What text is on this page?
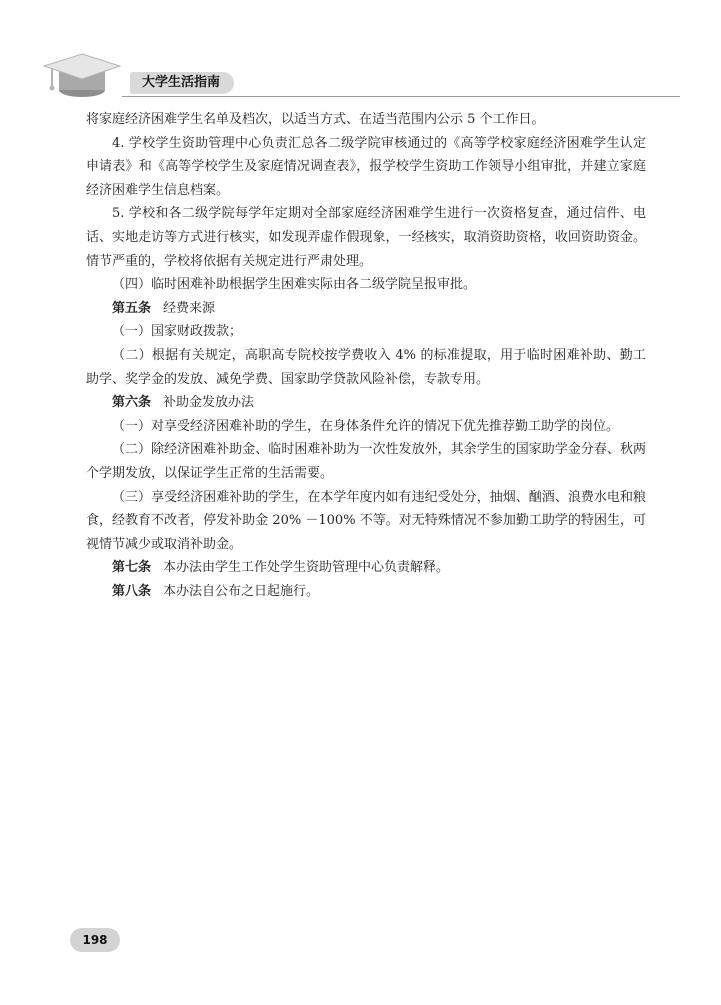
大学生活指南

将家庭经济困难学生名单及档次，以适当方式、在适当范围内公示 5 个工作日。

4. 学校学生资助管理中心负责汇总各二级学院审核通过的《高等学校家庭经济困难学生认定申请表》和《高等学校学生及家庭情况调查表》，报学校学生资助工作领导小组审批，并建立家庭经济困难学生信息档案。

5. 学校和各二级学院每学年定期对全部家庭经济困难学生进行一次资格复查，通过信件、电话、实地走访等方式进行核实，如发现弄虚作假现象，一经核实，取消资助资格，收回资助资金。情节严重的，学校将依据有关规定进行严肃处理。

（四）临时困难补助根据学生困难实际由各二级学院呈报审批。

第五条 经费来源

（一）国家财政拨款；

（二）根据有关规定，高职高专院校按学费收入 4% 的标准提取，用于临时困难补助、勤工助学、奖学金的发放、减免学费、国家助学贷款风险补偿，专款专用。

第六条 补助金发放办法

（一）对享受经济困难补助的学生，在身体条件允许的情况下优先推荐勤工助学的岗位。

（二）除经济困难补助金、临时困难补助为一次性发放外，其余学生的国家助学金分春、秋两个学期发放，以保证学生正常的生活需要。

（三）享受经济困难补助的学生，在本学年度内如有违纪受处分，抽烟、酗酒、浪费水电和粮食，经教育不改者，停发补助金 20% －100% 不等。对无特殊情况不参加勤工助学的特困生，可视情节减少或取消补助金。

第七条 本办法由学生工作处学生资助管理中心负责解释。

第八条 本办法自公布之日起施行。

198
